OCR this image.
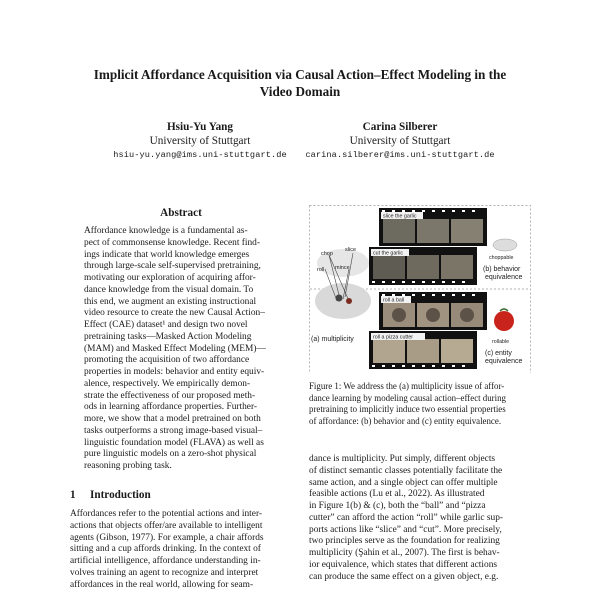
Implicit Affordance Acquisition via Causal Action–Effect Modeling in the
Video Domain
Hsiu-Yu Yang
University of Stuttgart
hsiu-yu.yang@ims.uni-stuttgart.de
Carina Silberer
University of Stuttgart
carina.silberer@ims.uni-stuttgart.de
Abstract
Affordance knowledge is a fundamental as-
pect of commonsense knowledge. Recent find-
ings indicate that world knowledge emerges
through large-scale self-supervised pretraining,
motivating our exploration of acquiring affor-
dance knowledge from the visual domain. To
this end, we augment an existing instructional
video resource to create the new Causal Action–
Effect (CAE) dataset¹ and design two novel
pretraining tasks—Masked Action Modeling
(MAM) and Masked Effect Modeling (MEM)—
promoting the acquisition of two affordance
properties in models: behavior and entity equiv-
alence, respectively. We empirically demon-
strate the effectiveness of our proposed meth-
ods in learning affordance properties. Further-
more, we show that a model pretrained on both
tasks outperforms a strong image-based visual–
linguistic foundation model (FLAVA) as well as
pure linguistic models on a zero-shot physical
reasoning probing task.
1 Introduction
Affordances refer to the potential actions and inter-
actions that objects offer/are available to intelligent
agents (Gibson, 1977). For example, a chair affords
sitting and a cup affords drinking. In the context of
artificial intelligence, affordance understanding in-
volves training an agent to recognize and interpret
affordances in the real world, allowing for seam-
chop
slice
roll mince
(a) multiplicity
slice the garlic
cut the garlic
choppable
(b) behavior
equivalence
roll a ball
roll a pizza cutter
rollable
(c) entity
equivalence
Figure 1: We address the (a) multiplicity issue of affor-
dance learning by modeling causal action–effect during
pretraining to implicitly induce two essential properties
of affordance: (b) behavior and (c) entity equivalence.
dance is multiplicity. Put simply, different objects
of distinct semantic classes potentially facilitate the
same action, and a single object can offer multiple
feasible actions (Lu et al., 2022). As illustrated
in Figure 1(b) & (c), both the “ball” and “pizza
cutter” can afford the action “roll” while garlic sup-
ports actions like “slice” and “cut”. More precisely,
two principles serve as the foundation for realizing
multiplicity (Şahin et al., 2007). The first is behav-
ior equivalence, which states that different actions
can produce the same effect on a given object, e.g.
